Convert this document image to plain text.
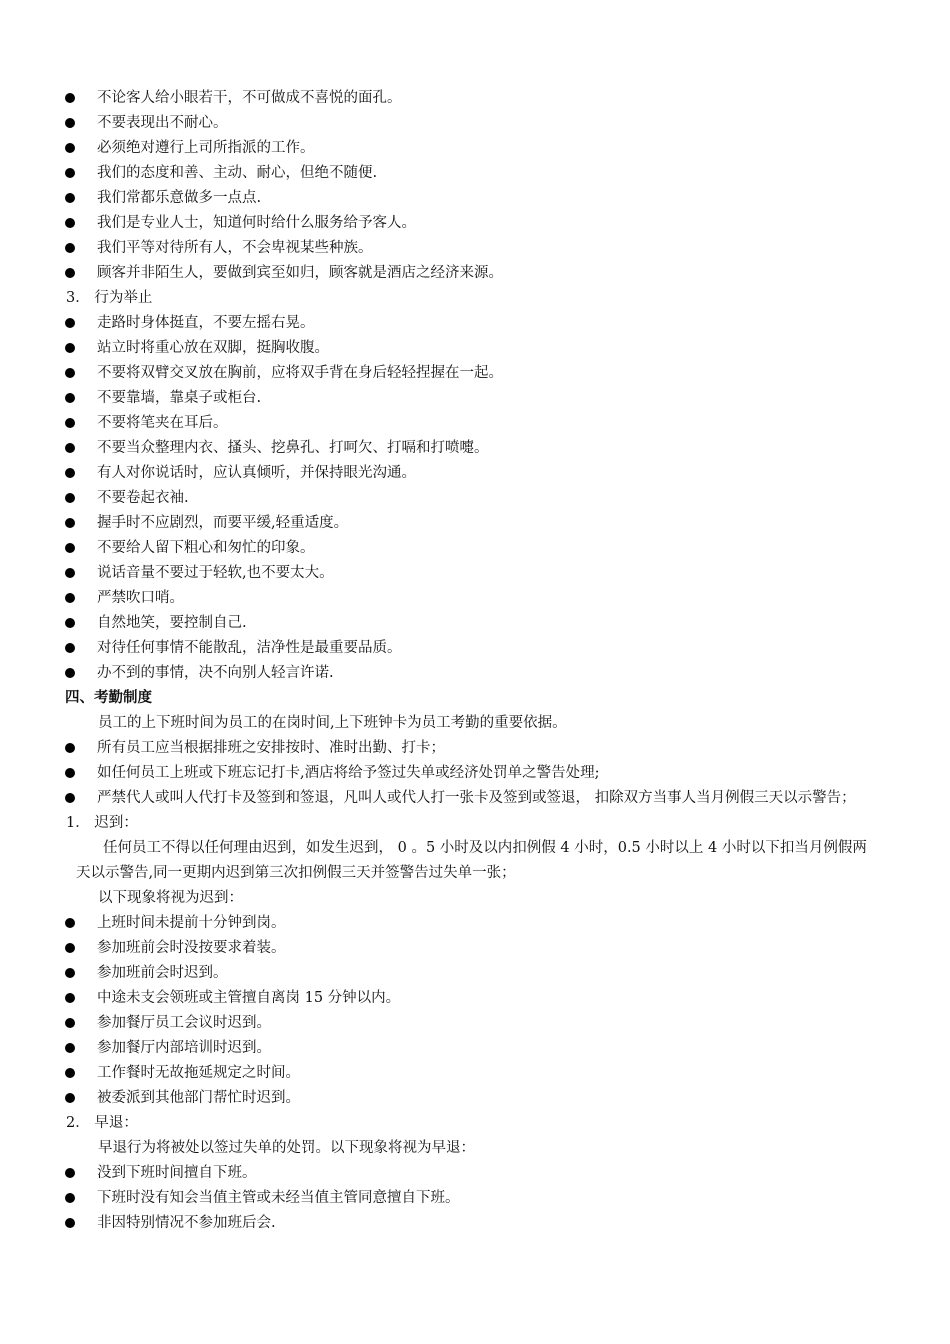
不论客人给小眼若干，不可做成不喜悦的面孔。
不要表现出不耐心。
必须绝对遵行上司所指派的工作。
我们的态度和善、主动、耐心，但绝不随便.
我们常都乐意做多一点点.
我们是专业人士，知道何时给什么服务给予客人。
我们平等对待所有人，不会卑视某些种族。
顾客并非陌生人，要做到宾至如归，顾客就是酒店之经济来源。
3． 行为举止
走路时身体挺直，不要左摇右晃。
站立时将重心放在双脚，挺胸收腹。
不要将双臂交叉放在胸前，应将双手背在身后轻轻捏握在一起。
不要靠墙，靠桌子或柜台.
不要将笔夹在耳后。
不要当众整理内衣、搔头、挖鼻孔、打呵欠、打嗝和打喷嚏。
有人对你说话时，应认真倾听，并保持眼光沟通。
不要卷起衣袖.
握手时不应剧烈，而要平缓,轻重适度。
不要给人留下粗心和匆忙的印象。
说话音量不要过于轻软,也不要太大。
严禁吹口哨。
自然地笑，要控制自己.
对待任何事情不能散乱，洁净性是最重要品质。
办不到的事情，决不向别人轻言许诺.
四、考勤制度
员工的上下班时间为员工的在岗时间,上下班钟卡为员工考勤的重要依据。
所有员工应当根据排班之安排按时、准时出勤、打卡；
如任何员工上班或下班忘记打卡,酒店将给予签过失单或经济处罚单之警告处理;
严禁代人或叫人代打卡及签到和签退，凡叫人或代人打一张卡及签到或签退， 扣除双方当事人当月例假三天以示警告；
1． 迟到：
任何员工不得以任何理由迟到，如发生迟到， 0 。5 小时及以内扣例假 4 小时，0.5 小时以上 4 小时以下扣当月例假两天以示警告,同一更期内迟到第三次扣例假三天并签警告过失单一张；
以下现象将视为迟到：
上班时间未提前十分钟到岗。
参加班前会时没按要求着装。
参加班前会时迟到。
中途未支会领班或主管擅自离岗 15 分钟以内。
参加餐厅员工会议时迟到。
参加餐厅内部培训时迟到。
工作餐时无故拖延规定之时间。
被委派到其他部门帮忙时迟到。
2． 早退：
早退行为将被处以签过失单的处罚。以下现象将视为早退：
没到下班时间擅自下班。
下班时没有知会当值主管或未经当值主管同意擅自下班。
非因特别情况不参加班后会.
